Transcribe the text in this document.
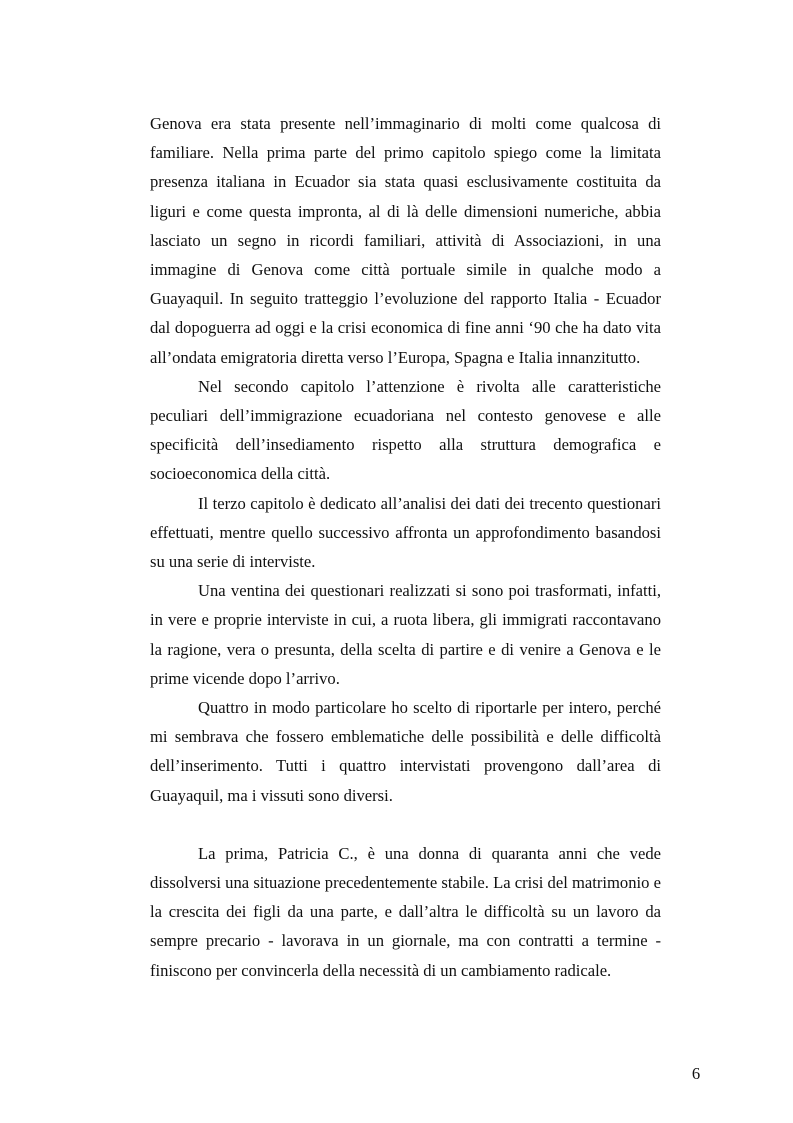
Genova era stata presente nell’immaginario di molti come qualcosa di familiare. Nella prima parte del primo capitolo spiego come la limitata presenza italiana in Ecuador sia stata quasi esclusivamente costituita da liguri e come questa impronta, al di là delle dimensioni numeriche, abbia lasciato un segno in ricordi familiari, attività di Associazioni, in una immagine di Genova come città portuale simile in qualche modo a Guayaquil. In seguito tratteggio l’evoluzione del rapporto Italia - Ecuador dal dopoguerra ad oggi e la crisi economica di fine anni ‘90 che ha dato vita all’ondata emigratoria diretta verso l’Europa, Spagna e Italia innanzitutto.

Nel secondo capitolo l’attenzione è rivolta alle caratteristiche peculiari dell’immigrazione ecuadoriana nel contesto genovese e alle specificità dell’insediamento rispetto alla struttura demografica e socioeconomica della città.

Il terzo capitolo è dedicato all’analisi dei dati dei trecento questionari effettuati, mentre quello successivo affronta un approfondimento basandosi su una serie di interviste.

Una ventina dei questionari realizzati si sono poi trasformati, infatti, in vere e proprie interviste in cui, a ruota libera, gli immigrati raccontavano la ragione, vera o presunta, della scelta di partire e di venire a Genova e le prime vicende dopo l’arrivo.

Quattro in modo particolare ho scelto di riportarle per intero, perché mi sembrava che fossero emblematiche delle possibilità e delle difficoltà dell’inserimento. Tutti i quattro intervistati provengono dall’area di Guayaquil, ma i vissuti sono diversi.

La prima, Patricia C., è una donna di quaranta anni che vede dissolversi una situazione precedentemente stabile. La crisi del matrimonio e la crescita dei figli da una parte, e dall’altra le difficoltà su un lavoro da sempre precario - lavorava in un giornale, ma con contratti a termine - finiscono per convincerla della necessità di un cambiamento radicale.

6
